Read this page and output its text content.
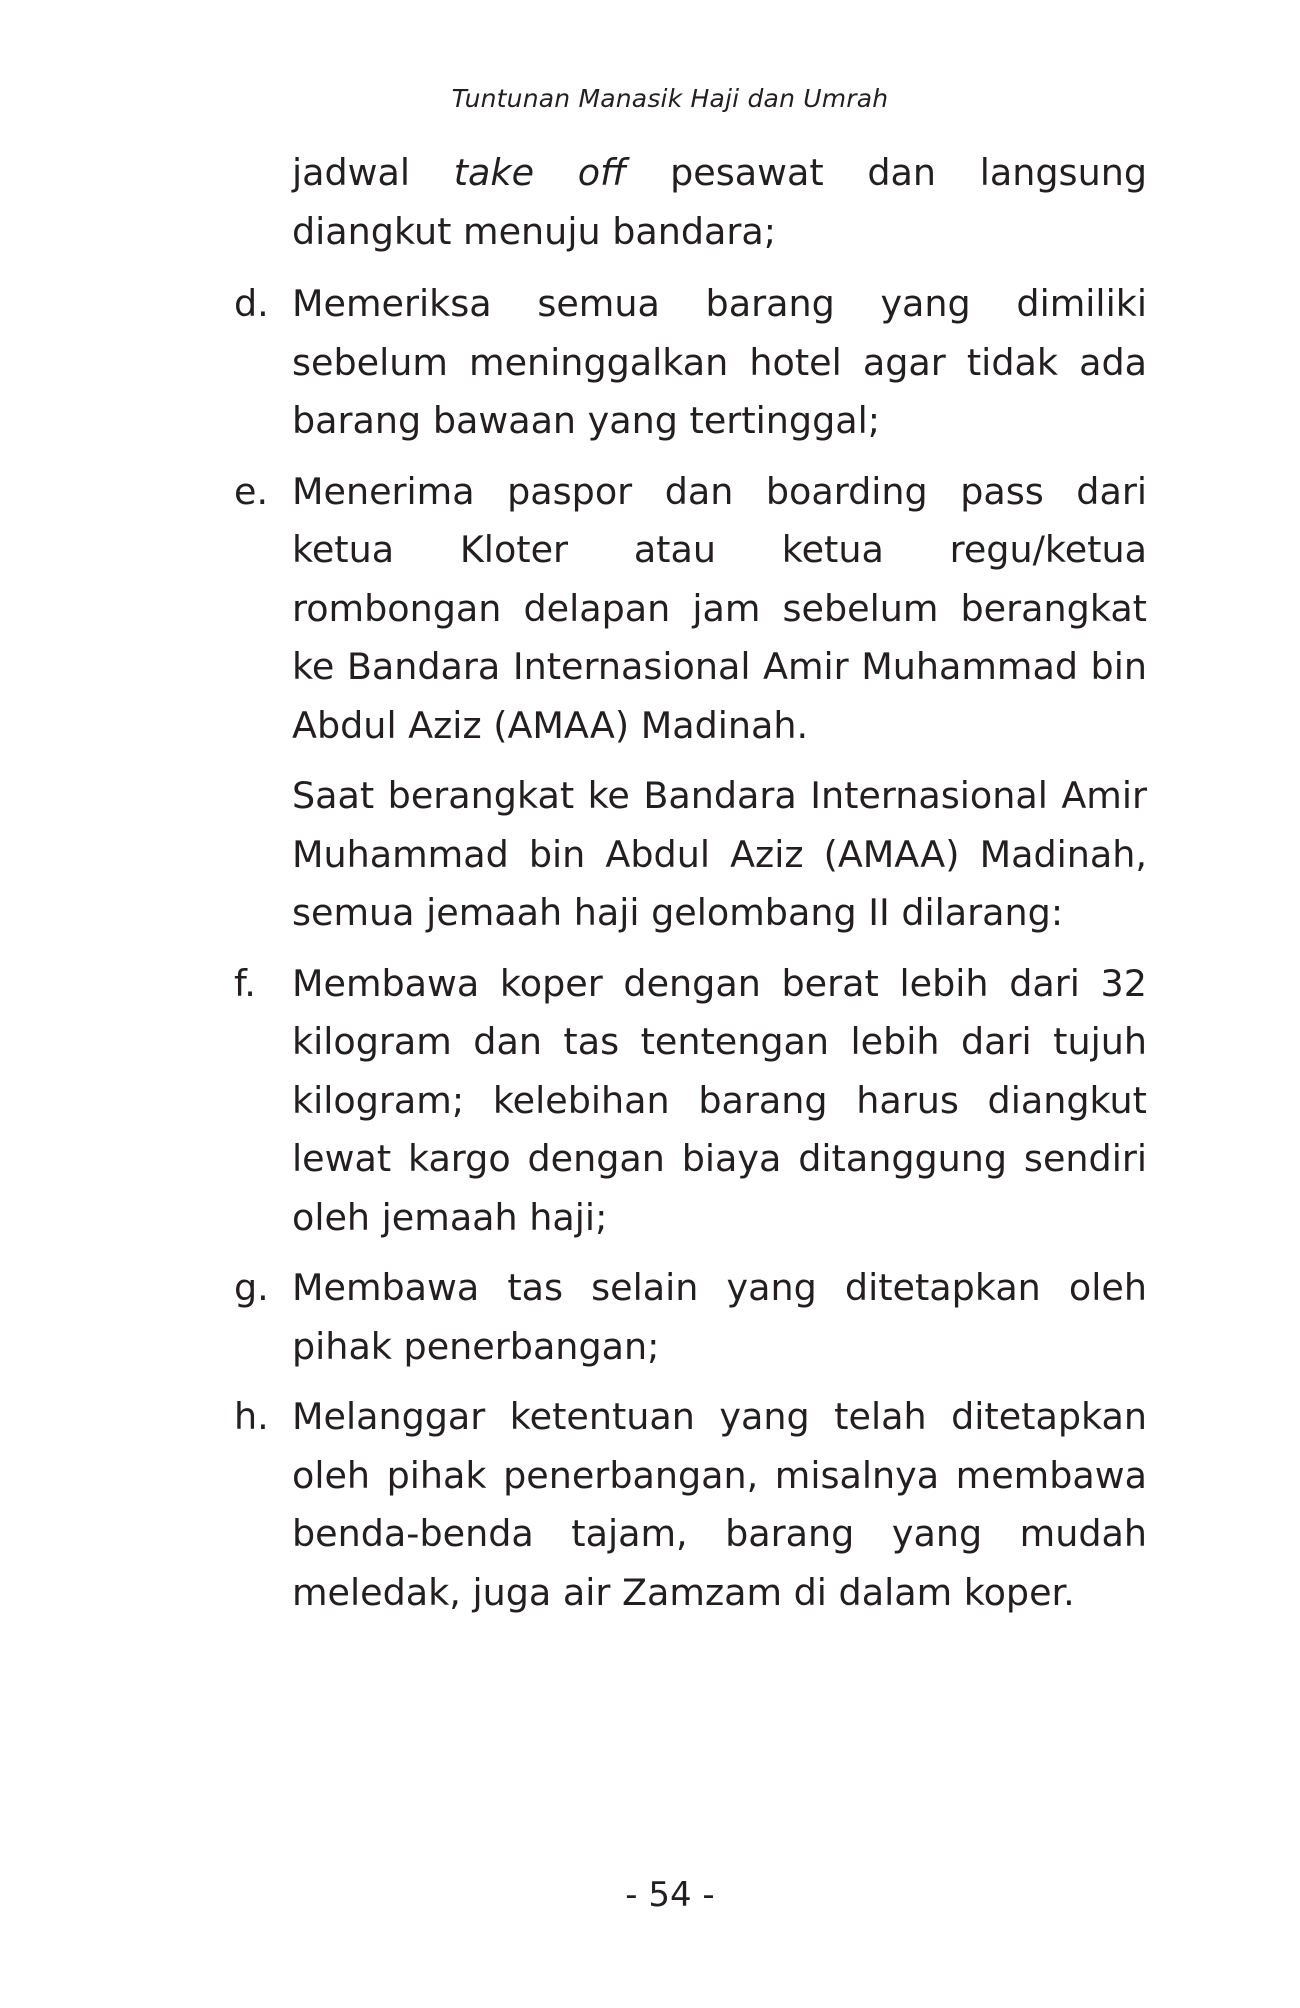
Tuntunan Manasik Haji dan Umrah

jadwal take off pesawat dan langsung diangkut menuju bandara;

d. Memeriksa semua barang yang dimiliki sebelum meninggalkan hotel agar tidak ada barang bawaan yang tertinggal;
e. Menerima paspor dan boarding pass dari ketua Kloter atau ketua regu/ketua rombongan delapan jam sebelum berangkat ke Bandara Internasional Amir Muhammad bin Abdul Aziz (AMAA) Madinah.

Saat berangkat ke Bandara Internasional Amir Muhammad bin Abdul Aziz (AMAA) Madinah, semua jemaah haji gelombang II dilarang:

f. Membawa koper dengan berat lebih dari 32 kilogram dan tas tentengan lebih dari tujuh kilogram; kelebihan barang harus diangkut lewat kargo dengan biaya ditanggung sendiri oleh jemaah haji;
g. Membawa tas selain yang ditetapkan oleh pihak penerbangan;
h. Melanggar ketentuan yang telah ditetapkan oleh pihak penerbangan, misalnya membawa benda-benda tajam, barang yang mudah meledak, juga air Zamzam di dalam koper.
- 54 -
